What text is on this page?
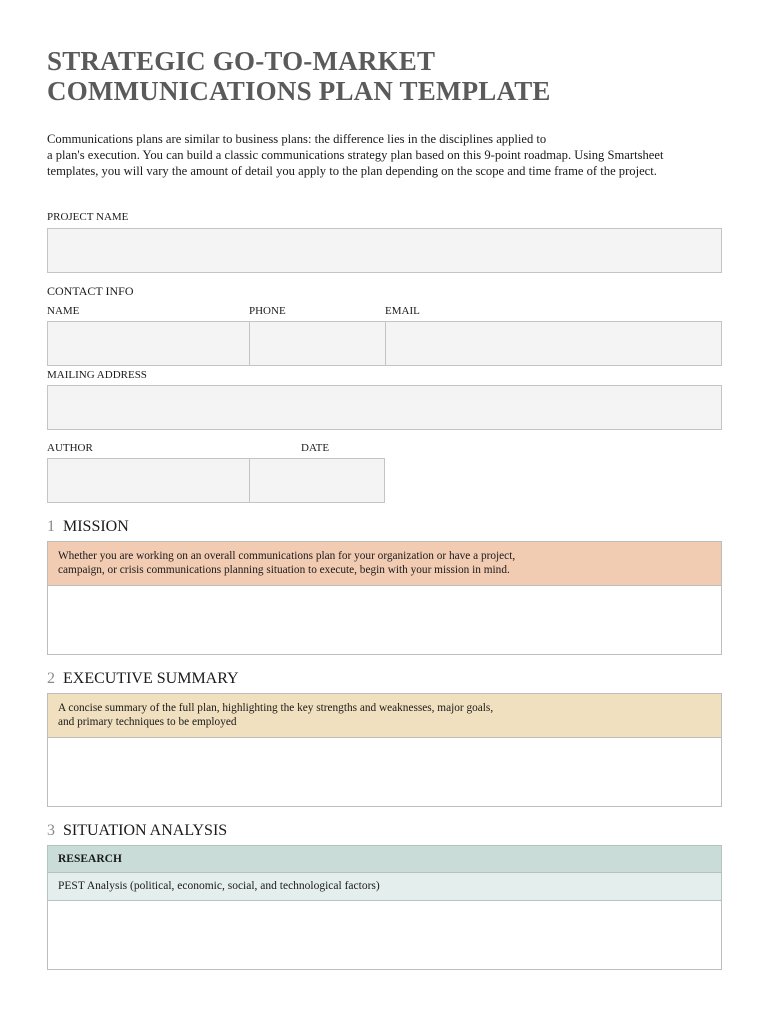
STRATEGIC GO-TO-MARKET
COMMUNICATIONS PLAN TEMPLATE
Communications plans are similar to business plans: the difference lies in the disciplines applied to
a plan's execution. You can build a classic communications strategy plan based on this 9-point roadmap. Using Smartsheet
templates, you will vary the amount of detail you apply to the plan depending on the scope and time frame of the project.
PROJECT NAME
CONTACT INFO
NAME	PHONE	EMAIL
MAILING ADDRESS
AUTHOR	DATE
1 MISSION
Whether you are working on an overall communications plan for your organization or have a project,
campaign, or crisis communications planning situation to execute, begin with your mission in mind.
2 EXECUTIVE SUMMARY
A concise summary of the full plan, highlighting the key strengths and weaknesses, major goals,
and primary techniques to be employed
3 SITUATION ANALYSIS
RESEARCH
PEST Analysis (political, economic, social, and technological factors)
